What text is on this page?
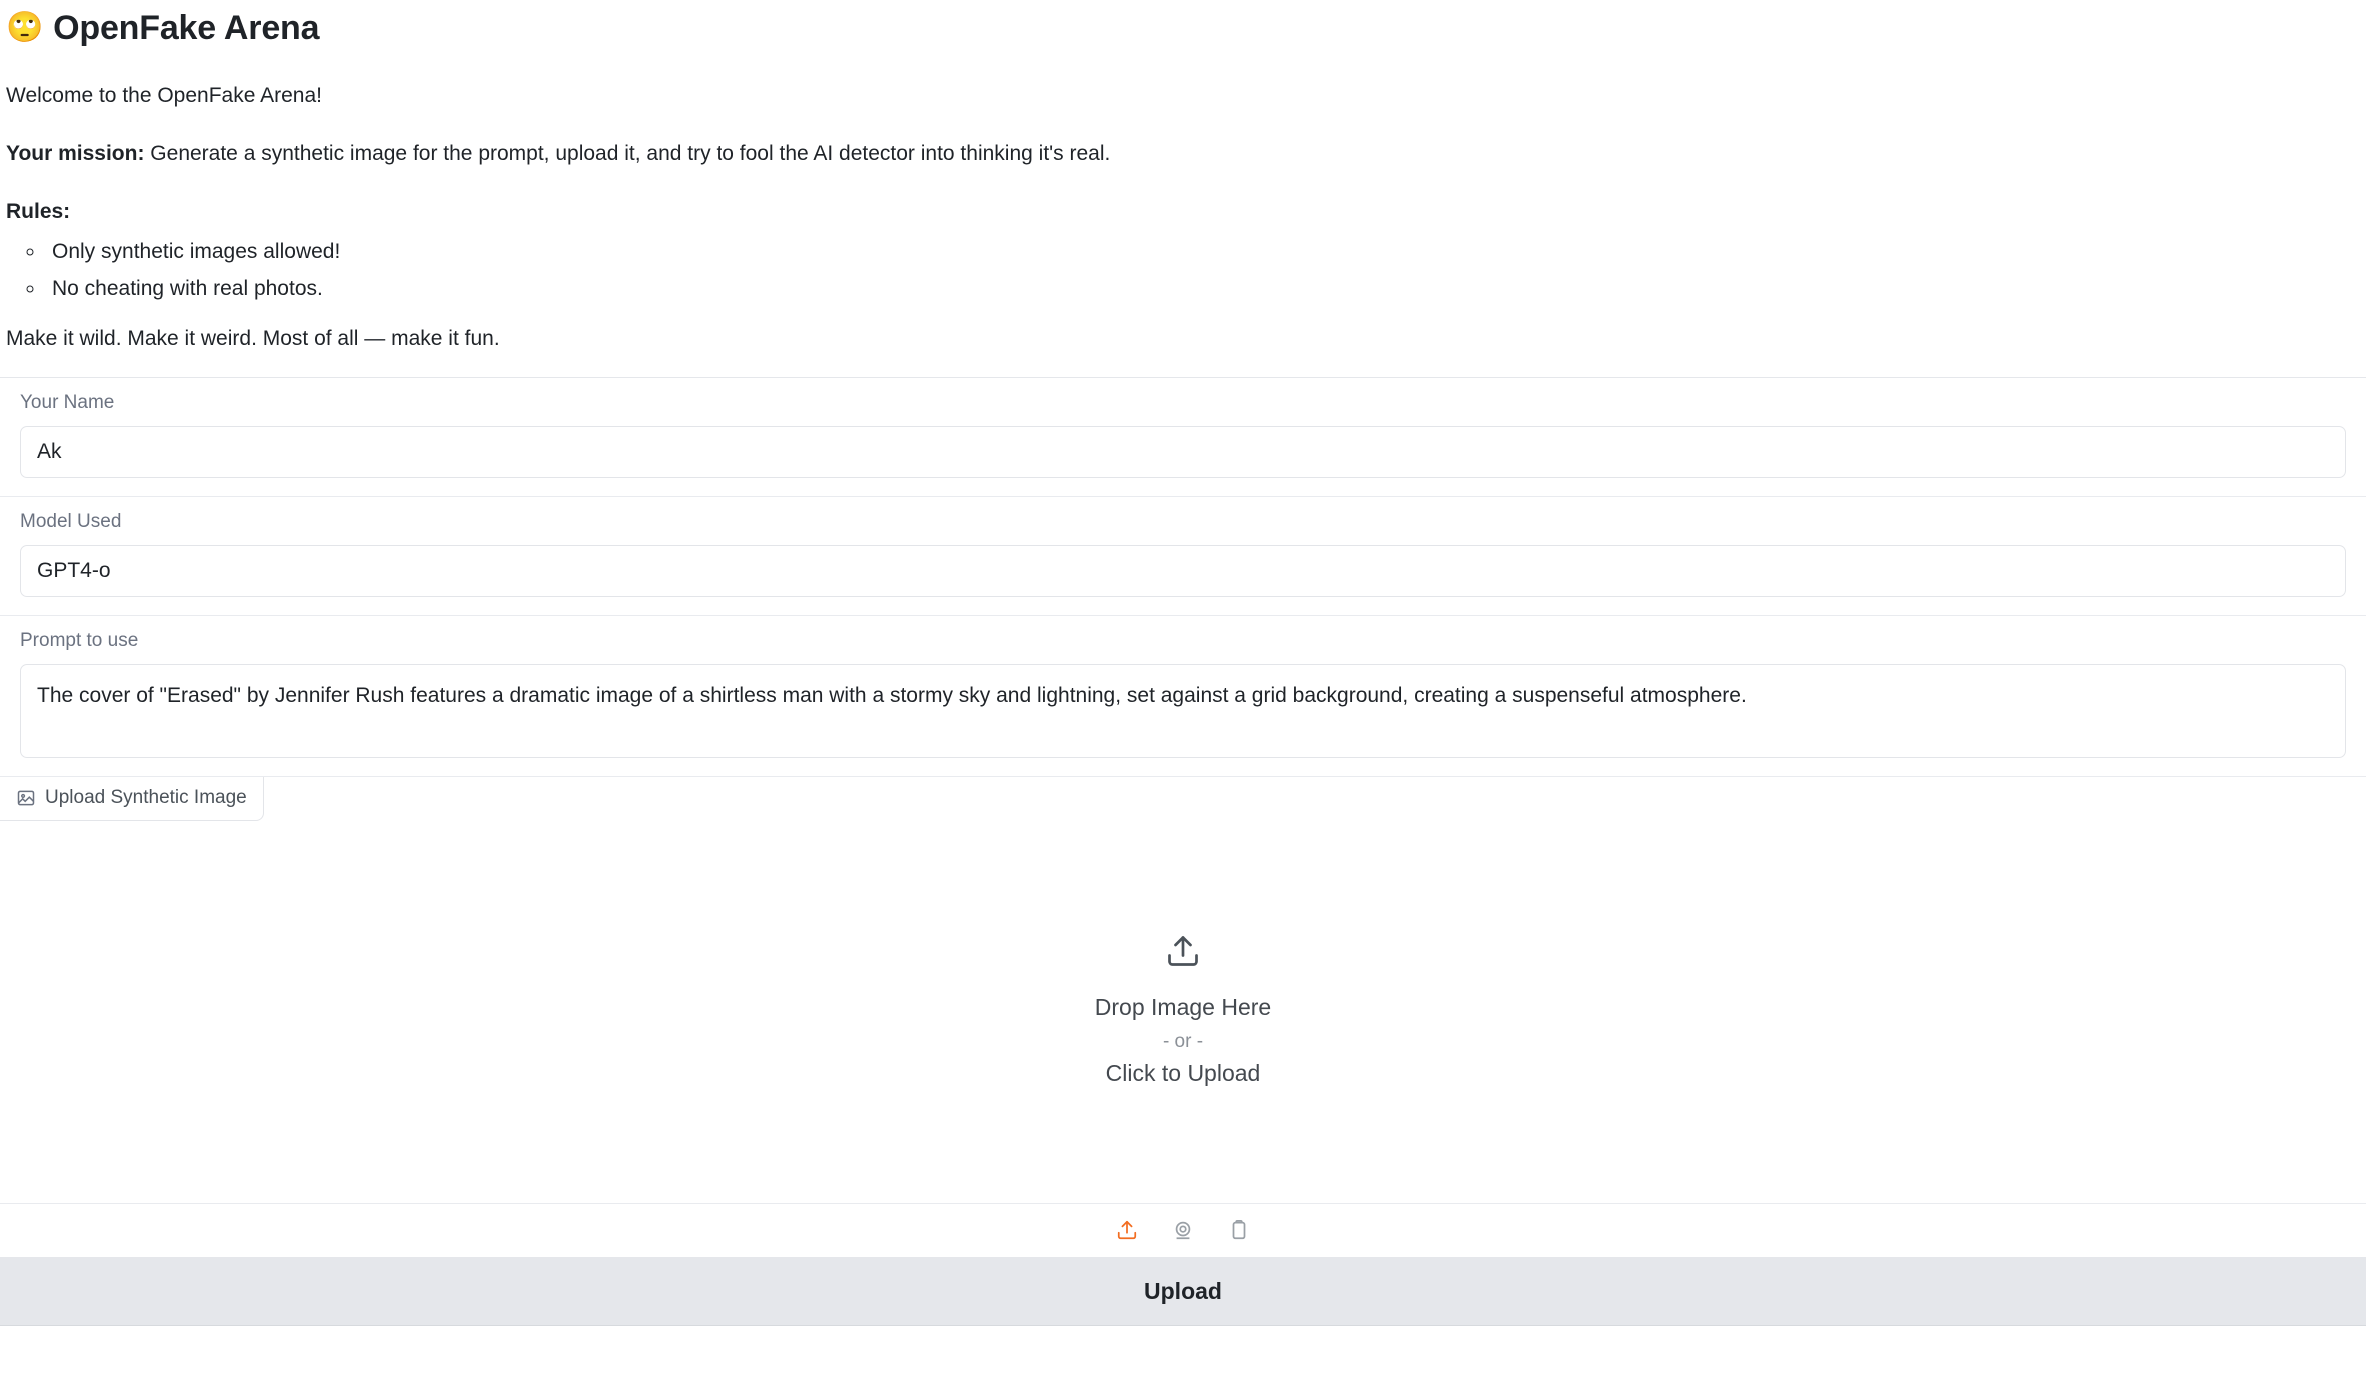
🙄 OpenFake Arena

Welcome to the OpenFake Arena!

Your mission: Generate a synthetic image for the prompt, upload it, and try to fool the AI detector into thinking it's real.

Rules:

◦ Only synthetic images allowed!
◦ No cheating with real photos.

Make it wild. Make it weird. Most of all — make it fun.

Your Name
Ak
Model Used
GPT4-o
Prompt to use
The cover of "Erased" by Jennifer Rush features a dramatic image of a shirtless man with a stormy sky and lightning, set against a grid background, creating a suspenseful atmosphere.
Upload Synthetic Image
Drop Image Here
- or -
Click to Upload
Upload
